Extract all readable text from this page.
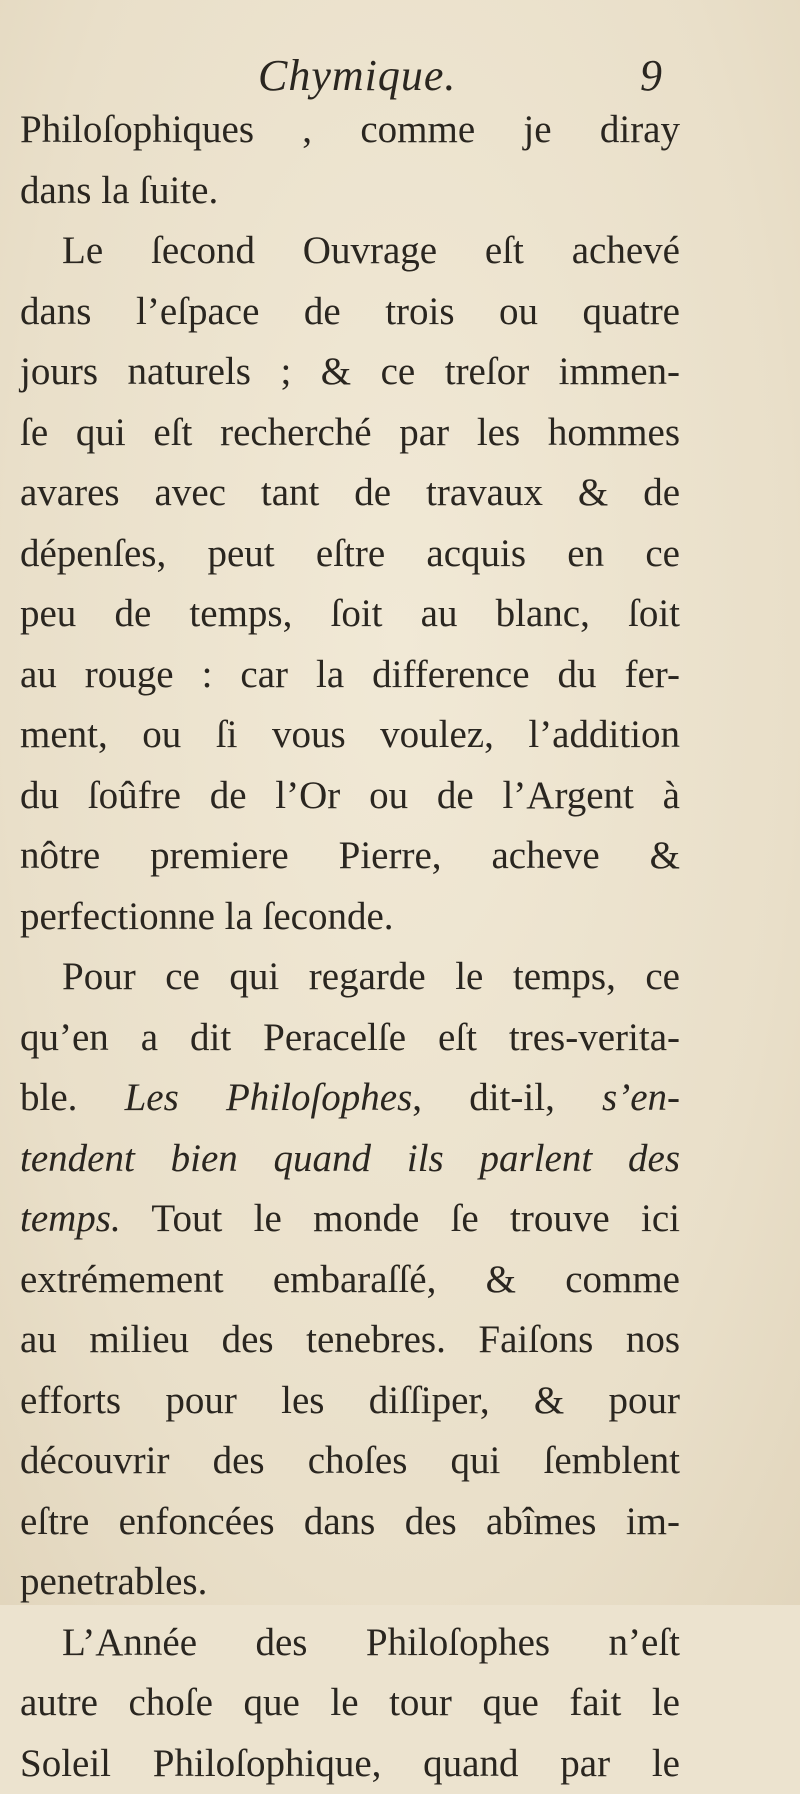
Chymique.	9
Philoſophiques , comme je diray
dans la ſuite.
Le ſecond Ouvrage eſt achevé
dans l’eſpace de trois ou quatre
jours naturels ; & ce treſor immen-
ſe qui eſt recherché par les hommes
avares avec tant de travaux & de
dépenſes, peut eſtre acquis en ce
peu de temps, ſoit au blanc, ſoit
au rouge : car la difference du fer-
ment, ou ſi vous voulez, l’addition
du ſoûfre de l’Or ou de l’Argent à
nôtre premiere Pierre, acheve &
perfectionne la ſeconde.
Pour ce qui regarde le temps, ce
qu’en a dit Peracelſe eſt tres-verita-
ble. Les Philoſophes, dit-il, s’en-
tendent bien quand ils parlent des
temps. Tout le monde ſe trouve ici
extrémement embaraſſé, & comme
au milieu des tenebres. Faiſons nos
efforts pour les diſſiper, & pour
découvrir des choſes qui ſemblent
eſtre enfoncées dans des abîmes im-
penetrables.
L’Année des Philoſophes n’eſt
autre choſe que le tour que fait le
Soleil Philoſophique, quand par le
